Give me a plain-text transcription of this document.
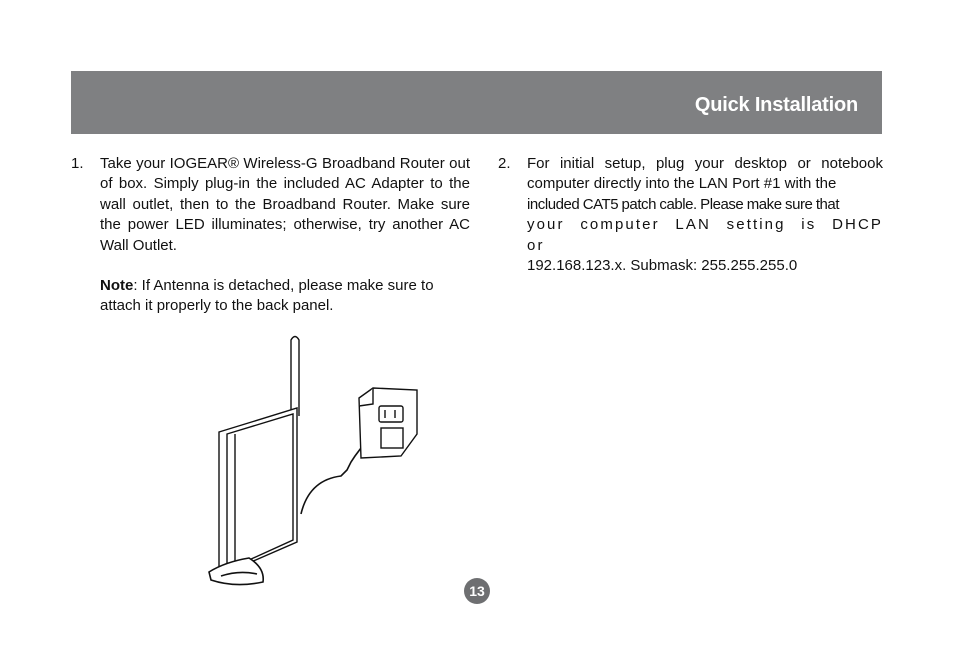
Quick Installation
1. Take your IOGEAR® Wireless-G Broadband Router out of box. Simply plug-in the included AC Adapter to the wall outlet, then to the Broadband Router. Make sure the power LED illuminates; otherwise, try another AC Wall Outlet.
Note: If Antenna is detached, please make sure to attach it properly to the back panel.
2. For initial setup, plug your desktop or notebook computer directly into the LAN Port #1 with the
included CAT5 patch cable. Please make sure that
your computer LAN setting is DHCP or
192.168.123.x. Submask: 255.255.255.0
13
